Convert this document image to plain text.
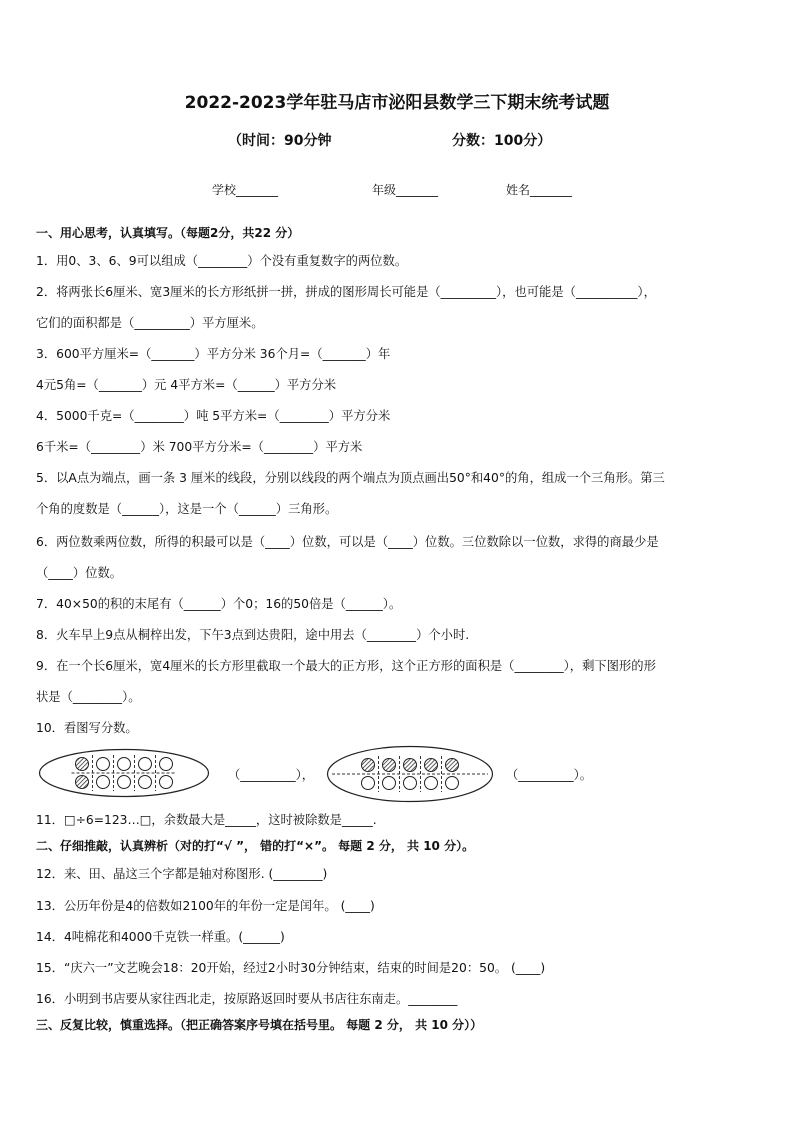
2022-2023学年驻马店市泌阳县数学三下期末统考试题
（时间：90分钟	分数：100分）
学校_______	年级_______	姓名_______
一、用心思考，认真填写。（每题2分，共22 分）
1．用0、3、6、9可以组成（________）个没有重复数字的两位数。
2．将两张长6厘米、宽3厘米的长方形纸拼一拼，拼成的图形周长可能是（_________），也可能是（__________），
它们的面积都是（_________）平方厘米。
3．600平方厘米=（_______）平方分米 36个月=（_______）年
4元5角=（_______）元 4平方米=（______）平方分米
4．5000千克=（________）吨 5平方米=（________）平方分米
6千米=（________）米 700平方分米=（________）平方米
5．以A点为端点，画一条 3 厘米的线段，分别以线段的两个端点为顶点画出50°和40°的角，组成一个三角形。第三
个角的度数是（______），这是一个（______）三角形。
6．两位数乘两位数，所得的积最可以是（____）位数，可以是（____）位数。三位数除以一位数，求得的商最少是
（____）位数。
7．40×50的积的末尾有（______）个0；16的50倍是（______）。
8．火车早上9点从桐梓出发，下午3点到达贵阳，途中用去（________）个小时.
9．在一个长6厘米，宽4厘米的长方形里截取一个最大的正方形，这个正方形的面积是（________），剩下图形的形
状是（________）。
10．看图写分数。
（_________），	（_________）。
11．□÷6=123…□，余数最大是_____，这时被除数是_____.
二、仔细推敲，认真辨析（对的打“√ ”， 错的打“×”。 每题 2 分， 共 10 分）。
12．来、田、晶这三个字都是轴对称图形. (________)
13．公历年份是4的倍数如2100年的年份一定是闰年。 (____)
14．4吨棉花和4000千克铁一样重。(______)
15．“庆六一”文艺晚会18：20开始，经过2小时30分钟结束，结束的时间是20：50。 (____)
16．小明到书店要从家往西北走，按原路返回时要从书店往东南走。________
三、反复比较，慎重选择。（把正确答案序号填在括号里。 每题 2 分， 共 10 分））
